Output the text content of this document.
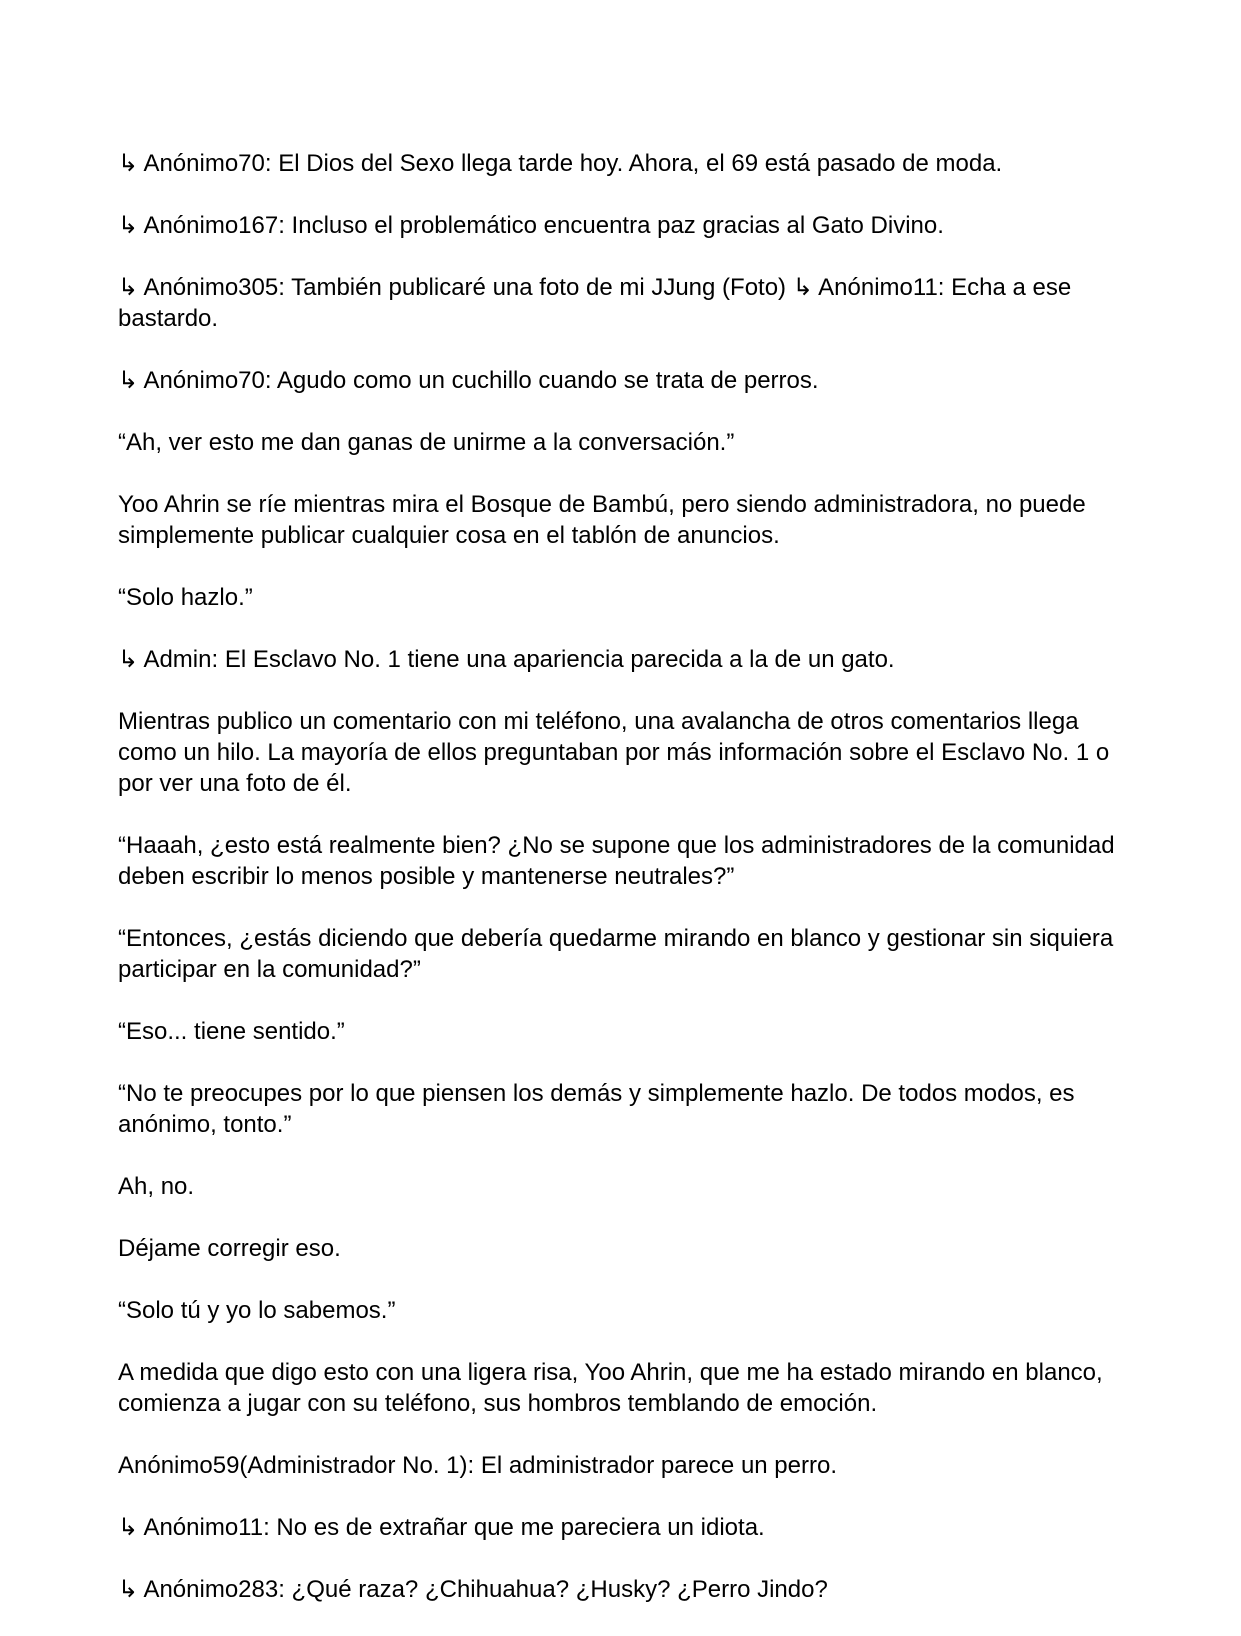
↳ Anónimo70: El Dios del Sexo llega tarde hoy. Ahora, el 69 está pasado de moda.

↳ Anónimo167: Incluso el problemático encuentra paz gracias al Gato Divino.

↳ Anónimo305: También publicaré una foto de mi JJung (Foto) ↳ Anónimo11: Echa a ese bastardo.

↳ Anónimo70: Agudo como un cuchillo cuando se trata de perros.

“Ah, ver esto me dan ganas de unirme a la conversación.”

Yoo Ahrin se ríe mientras mira el Bosque de Bambú, pero siendo administradora, no puede simplemente publicar cualquier cosa en el tablón de anuncios.

“Solo hazlo.”

↳ Admin: El Esclavo No. 1 tiene una apariencia parecida a la de un gato.

Mientras publico un comentario con mi teléfono, una avalancha de otros comentarios llega como un hilo. La mayoría de ellos preguntaban por más información sobre el Esclavo No. 1 o por ver una foto de él.

“Haaah, ¿esto está realmente bien? ¿No se supone que los administradores de la comunidad deben escribir lo menos posible y mantenerse neutrales?”

“Entonces, ¿estás diciendo que debería quedarme mirando en blanco y gestionar sin siquiera participar en la comunidad?”

“Eso... tiene sentido.”

“No te preocupes por lo que piensen los demás y simplemente hazlo. De todos modos, es anónimo, tonto.”

Ah, no.

Déjame corregir eso.

“Solo tú y yo lo sabemos.”

A medida que digo esto con una ligera risa, Yoo Ahrin, que me ha estado mirando en blanco, comienza a jugar con su teléfono, sus hombros temblando de emoción.

Anónimo59(Administrador No. 1): El administrador parece un perro.

↳ Anónimo11: No es de extrañar que me pareciera un idiota.

↳ Anónimo283: ¿Qué raza? ¿Chihuahua? ¿Husky? ¿Perro Jindo?
